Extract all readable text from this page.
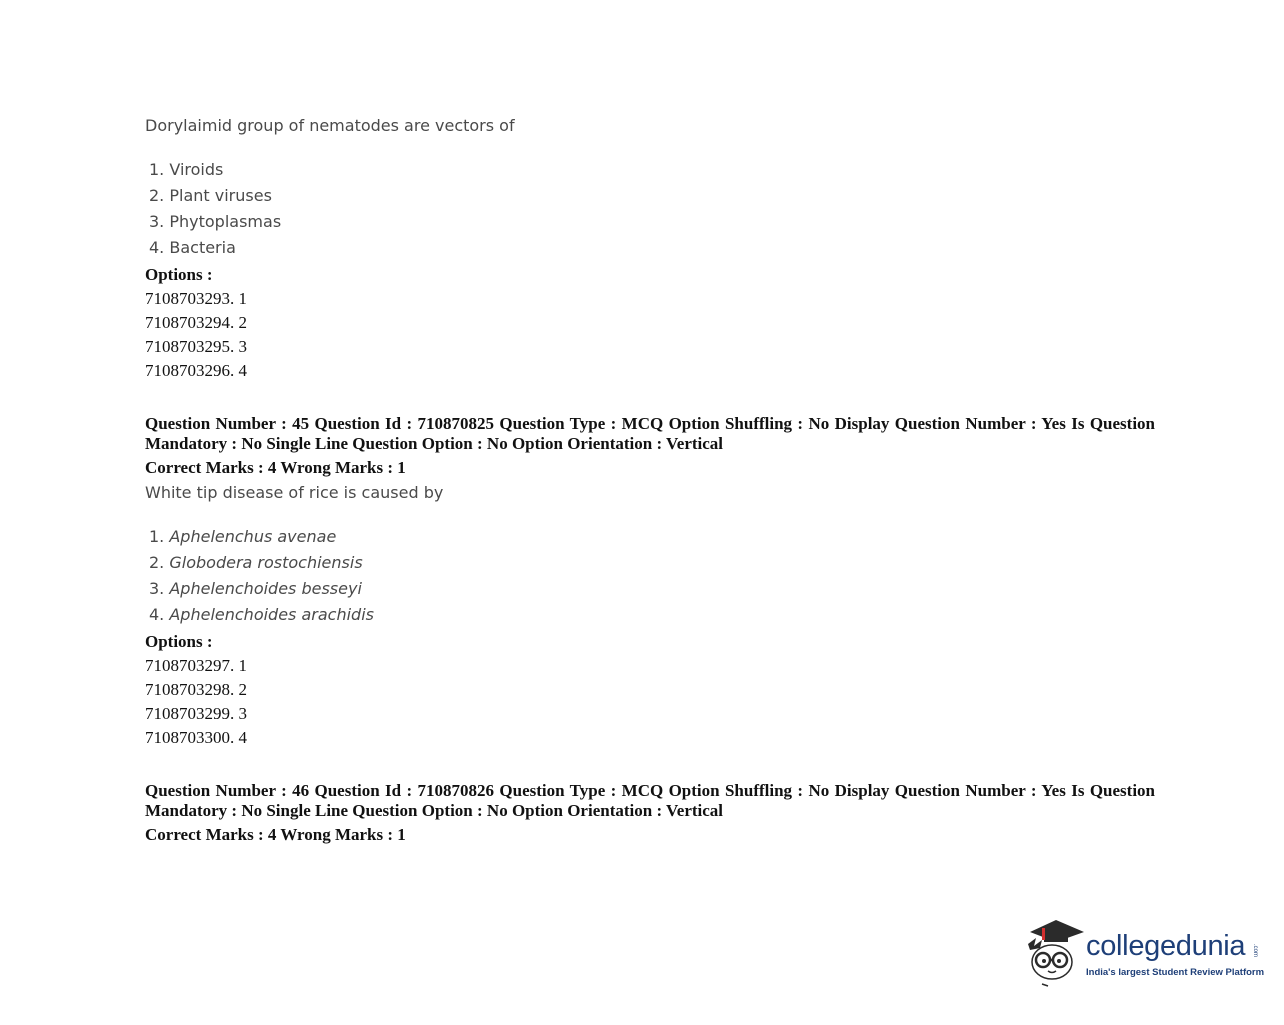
Dorylaimid group of nematodes are vectors of
1. Viroids
2. Plant viruses
3. Phytoplasmas
4. Bacteria
Options :
7108703293. 1
7108703294. 2
7108703295. 3
7108703296. 4
Question Number : 45 Question Id : 710870825 Question Type : MCQ Option Shuffling : No Display Question Number : Yes Is Question Mandatory : No Single Line Question Option : No Option Orientation : Vertical
Correct Marks : 4 Wrong Marks : 1
White tip disease of rice is caused by
1. Aphelenchus avenae
2. Globodera rostochiensis
3. Aphelenchoides besseyi
4. Aphelenchoides arachidis
Options :
7108703297. 1
7108703298. 2
7108703299. 3
7108703300. 4
Question Number : 46 Question Id : 710870826 Question Type : MCQ Option Shuffling : No Display Question Number : Yes Is Question Mandatory : No Single Line Question Option : No Option Orientation : Vertical
Correct Marks : 4 Wrong Marks : 1
collegedunia .com
India's largest Student Review Platform
